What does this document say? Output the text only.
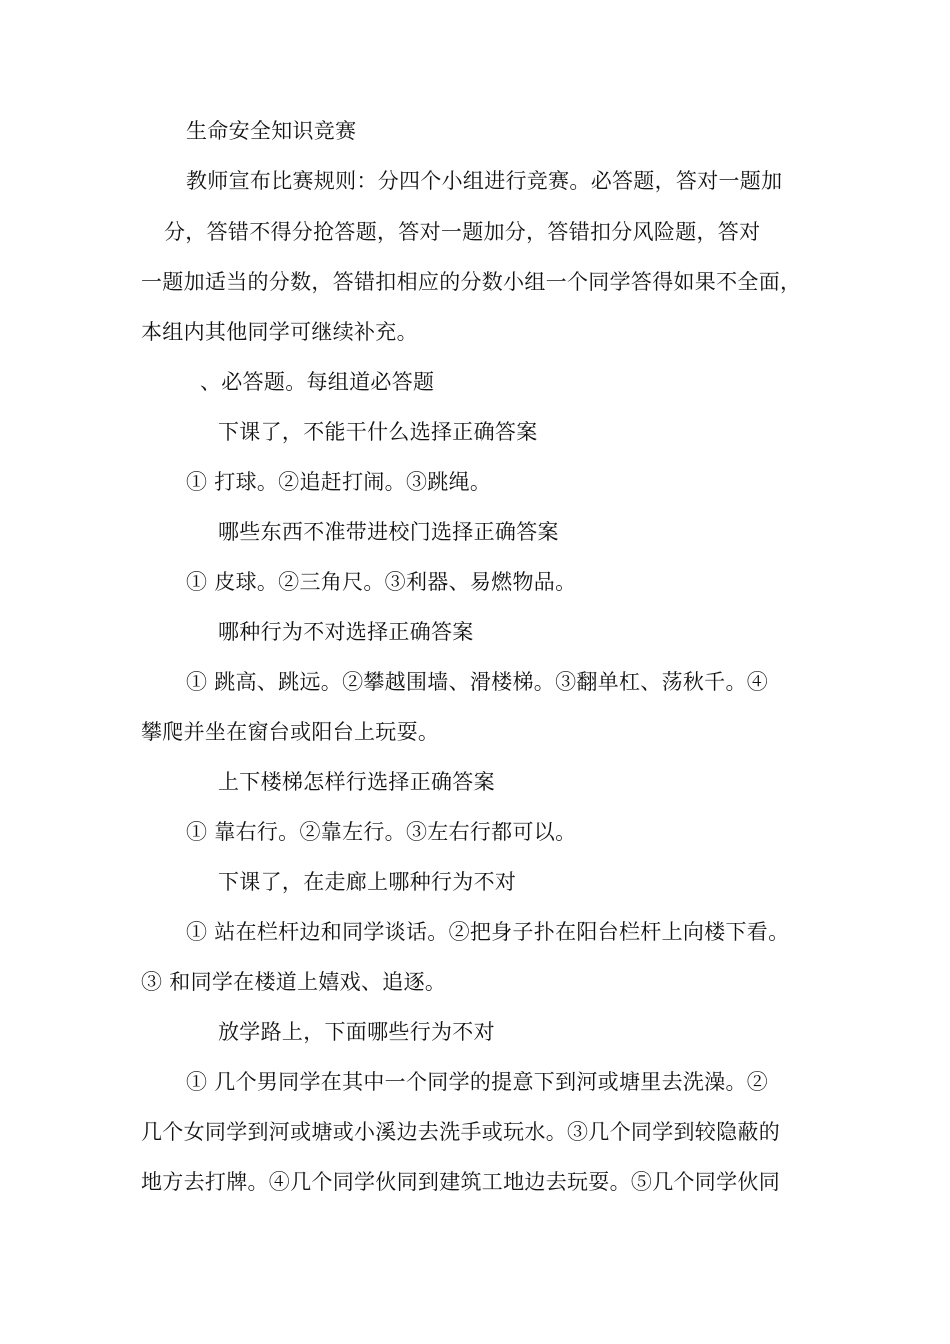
生命安全知识竞赛
教师宣布比赛规则：分四个小组进行竞赛。必答题，答对一题加
分，答错不得分抢答题，答对一题加分，答错扣分风险题，答对
一题加适当的分数，答错扣相应的分数小组一个同学答得如果不全面，
本组内其他同学可继续补充。
、必答题。每组道必答题
下课了，不能干什么选择正确答案
① 打球。②追赶打闹。③跳绳。
哪些东西不准带进校门选择正确答案
① 皮球。②三角尺。③利器、易燃物品。
哪种行为不对选择正确答案
① 跳高、跳远。②攀越围墙、滑楼梯。③翻单杠、荡秋千。④
攀爬并坐在窗台或阳台上玩耍。
上下楼梯怎样行选择正确答案
① 靠右行。②靠左行。③左右行都可以。
下课了，在走廊上哪种行为不对
① 站在栏杆边和同学谈话。②把身子扑在阳台栏杆上向楼下看。
③ 和同学在楼道上嬉戏、追逐。
放学路上，下面哪些行为不对
① 几个男同学在其中一个同学的提意下到河或塘里去洗澡。②
几个女同学到河或塘或小溪边去洗手或玩水。③几个同学到较隐蔽的
地方去打牌。④几个同学伙同到建筑工地边去玩耍。⑤几个同学伙同
